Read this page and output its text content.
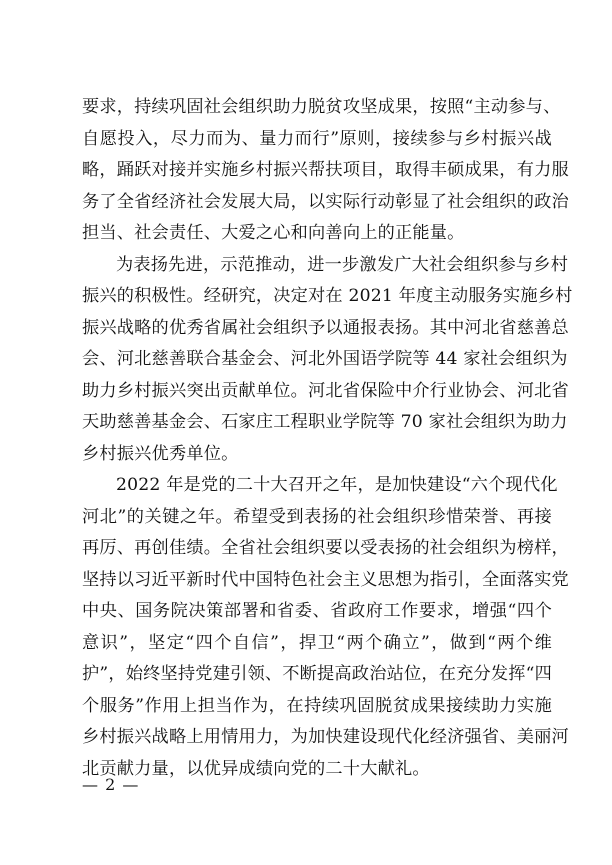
要求，持续巩固社会组织助力脱贫攻坚成果，按照“主动参与、
自愿投入，尽力而为、量力而行”原则，接续参与乡村振兴战
略，踊跃对接并实施乡村振兴帮扶项目，取得丰硕成果，有力服
务了全省经济社会发展大局，以实际行动彰显了社会组织的政治
担当、社会责任、大爱之心和向善向上的正能量。
为表扬先进，示范推动，进一步激发广大社会组织参与乡村
振兴的积极性。经研究，决定对在 2021 年度主动服务实施乡村
振兴战略的优秀省属社会组织予以通报表扬。其中河北省慈善总
会、河北慈善联合基金会、河北外国语学院等 44 家社会组织为
助力乡村振兴突出贡献单位。河北省保险中介行业协会、河北省
天助慈善基金会、石家庄工程职业学院等 70 家社会组织为助力
乡村振兴优秀单位。
2022 年是党的二十大召开之年，是加快建设“六个现代化
河北”的关键之年。希望受到表扬的社会组织珍惜荣誉、再接
再厉、再创佳绩。全省社会组织要以受表扬的社会组织为榜样，
坚持以习近平新时代中国特色社会主义思想为指引，全面落实党
中央、国务院决策部署和省委、省政府工作要求，增强“四个
意识”，坚定“四个自信”，捍卫“两个确立”，做到“两个维
护”，始终坚持党建引领、不断提高政治站位，在充分发挥“四
个服务”作用上担当作为，在持续巩固脱贫成果接续助力实施
乡村振兴战略上用情用力，为加快建设现代化经济强省、美丽河
北贡献力量，以优异成绩向党的二十大献礼。
— 2 —
